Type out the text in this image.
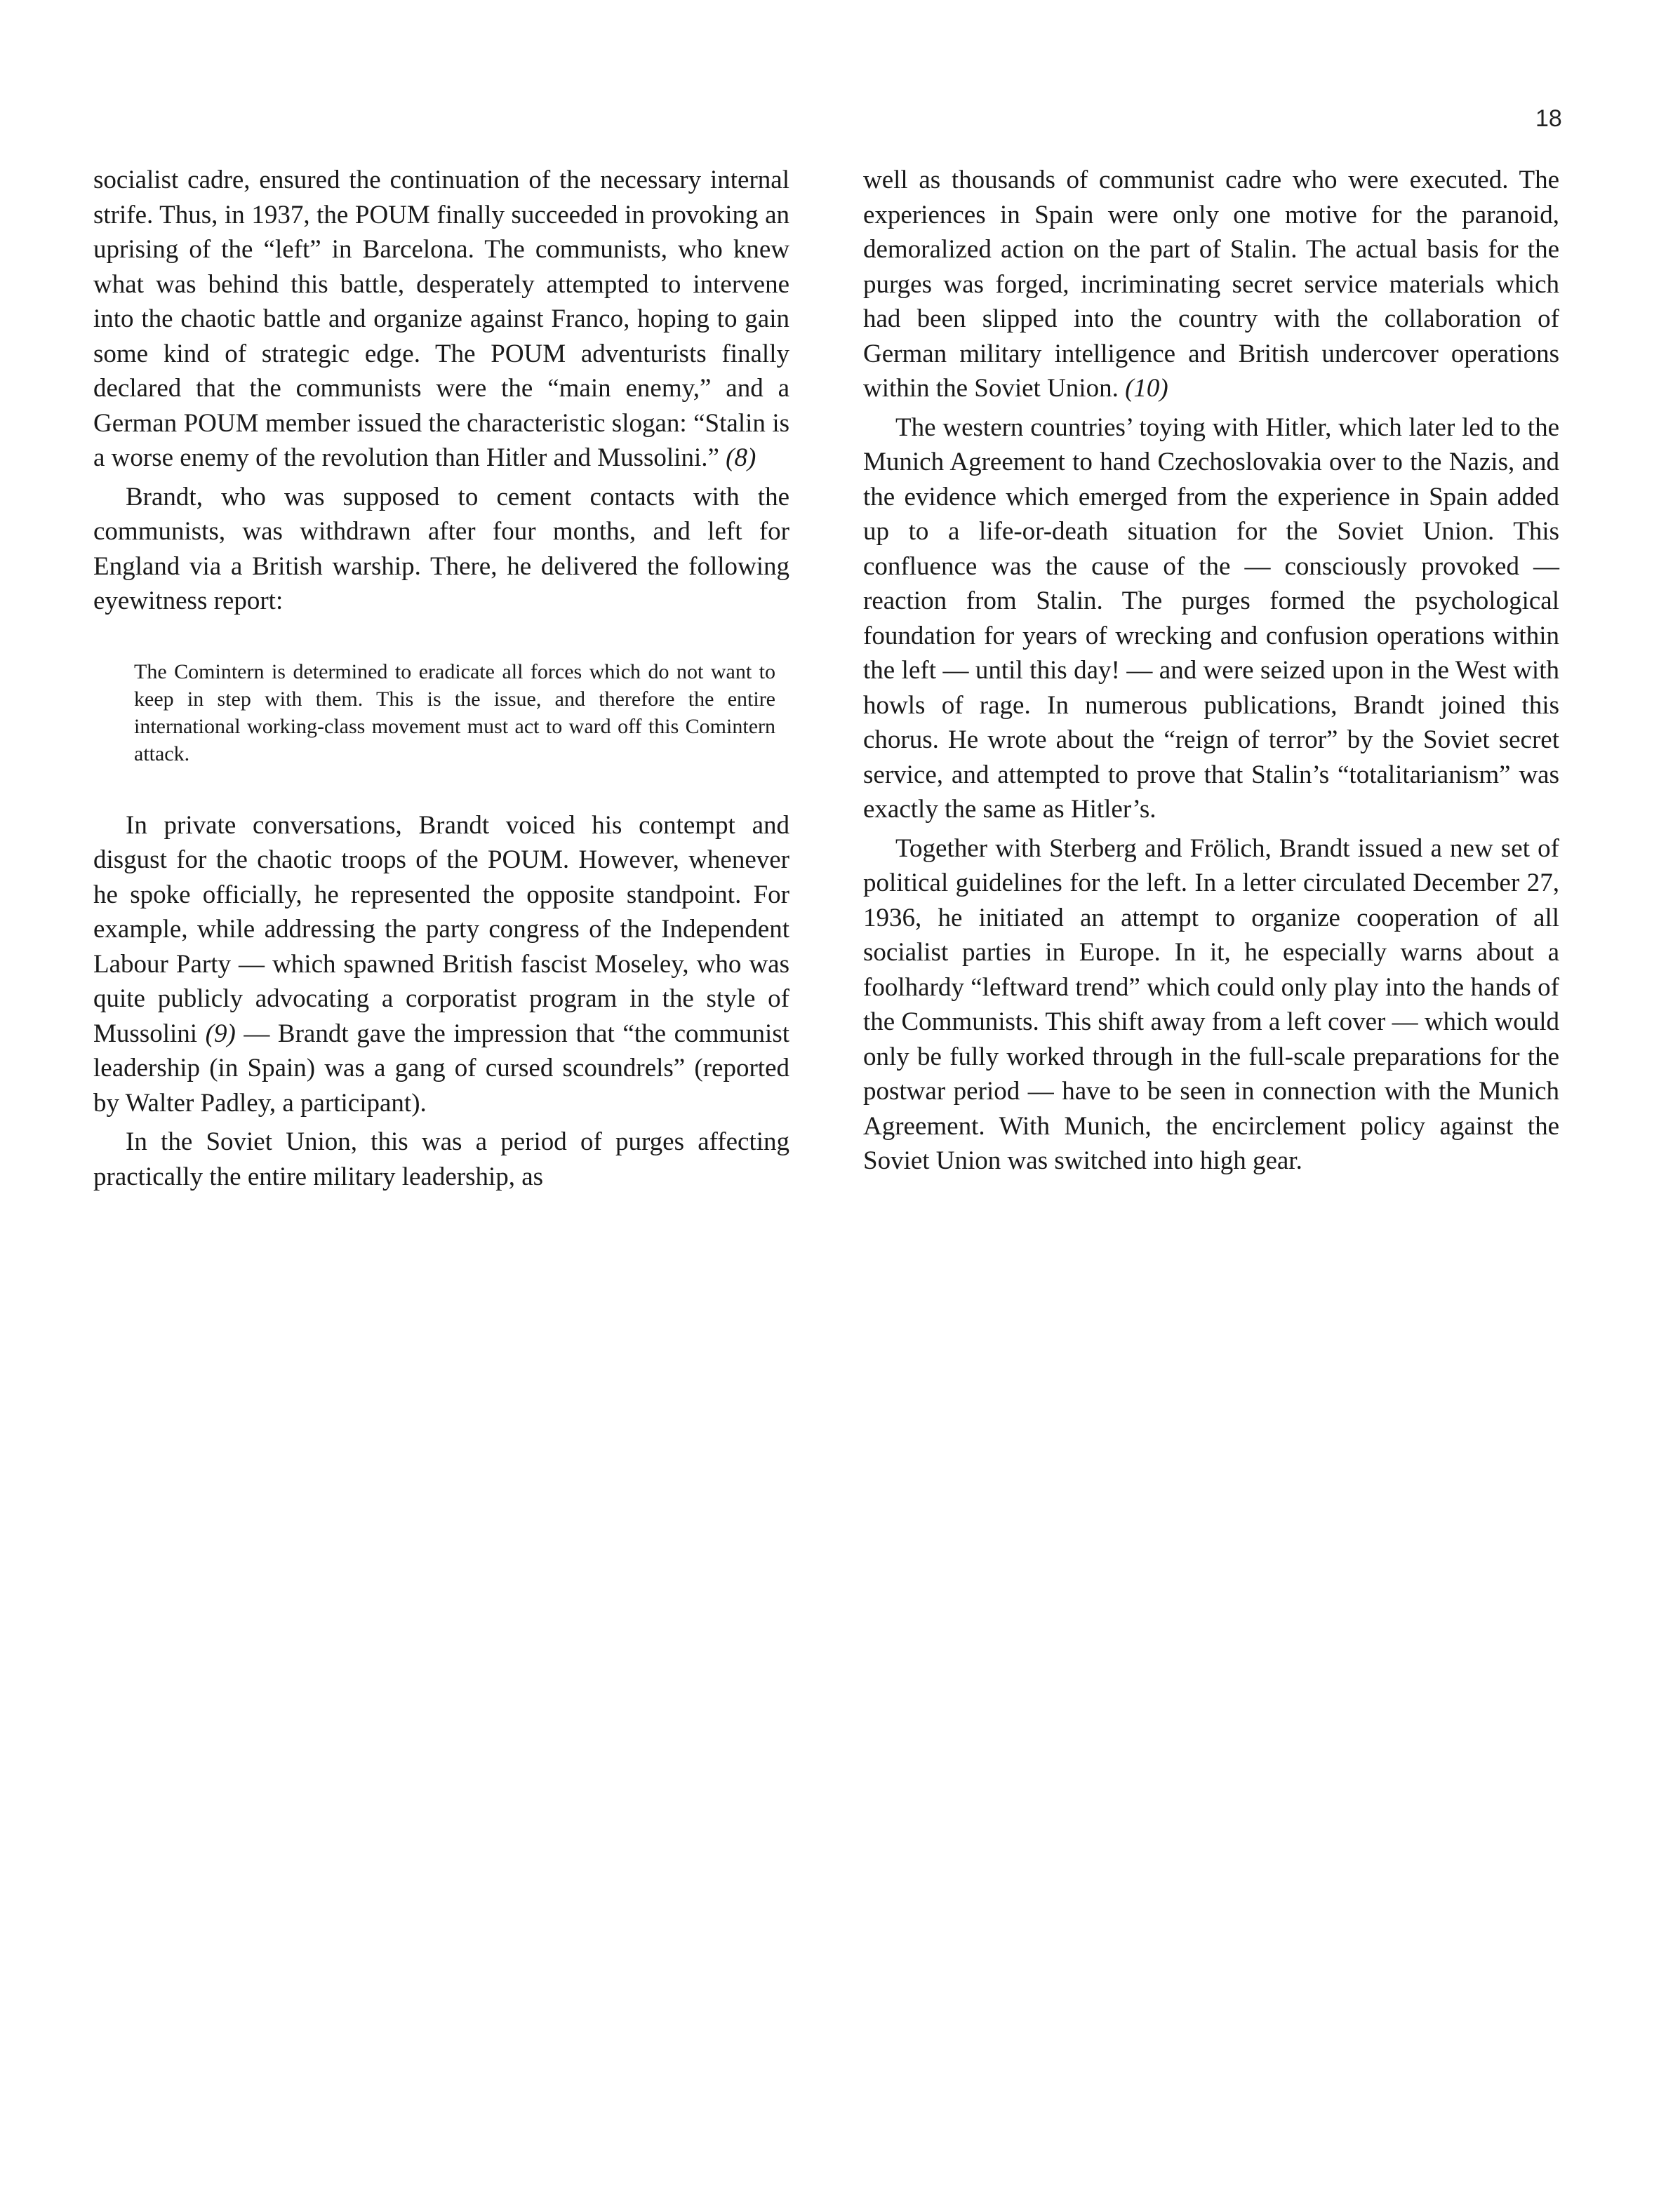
18

socialist cadre, ensured the continuation of the necessary internal strife. Thus, in 1937, the POUM finally succeeded in provoking an uprising of the “left” in Barcelona. The communists, who knew what was behind this battle, desperately attempted to intervene into the chaotic battle and organize against Franco, hoping to gain some kind of strategic edge. The POUM adventurists finally declared that the communists were the “main enemy,” and a German POUM member issued the characteristic slogan: “Stalin is a worse enemy of the revolution than Hitler and Mussolini.” (8)

Brandt, who was supposed to cement contacts with the communists, was withdrawn after four months, and left for England via a British warship. There, he delivered the following eyewitness report:

The Comintern is determined to eradicate all forces which do not want to keep in step with them. This is the issue, and therefore the entire international working-class movement must act to ward off this Comintern attack.

In private conversations, Brandt voiced his contempt and disgust for the chaotic troops of the POUM. However, whenever he spoke officially, he represented the opposite standpoint. For example, while addressing the party congress of the Independent Labour Party — which spawned British fascist Moseley, who was quite publicly advocating a corporatist program in the style of Mussolini (9) — Brandt gave the impression that “the communist leadership (in Spain) was a gang of cursed scoundrels” (reported by Walter Padley, a participant).

In the Soviet Union, this was a period of purges affecting practically the entire military leadership, as

well as thousands of communist cadre who were executed. The experiences in Spain were only one motive for the paranoid, demoralized action on the part of Stalin. The actual basis for the purges was forged, incriminating secret service materials which had been slipped into the country with the collaboration of German military intelligence and British undercover operations within the Soviet Union. (10)

The western countries’ toying with Hitler, which later led to the Munich Agreement to hand Czechoslovakia over to the Nazis, and the evidence which emerged from the experience in Spain added up to a life-or-death situation for the Soviet Union. This confluence was the cause of the — consciously provoked — reaction from Stalin. The purges formed the psychological foundation for years of wrecking and confusion operations within the left — until this day! — and were seized upon in the West with howls of rage. In numerous publications, Brandt joined this chorus. He wrote about the “reign of terror” by the Soviet secret service, and attempted to prove that Stalin’s “totalitarianism” was exactly the same as Hitler’s.

Together with Sterberg and Frölich, Brandt issued a new set of political guidelines for the left. In a letter circulated December 27, 1936, he initiated an attempt to organize cooperation of all socialist parties in Europe. In it, he especially warns about a foolhardy “leftward trend” which could only play into the hands of the Communists. This shift away from a left cover — which would only be fully worked through in the full-scale preparations for the postwar period — have to be seen in connection with the Munich Agreement. With Munich, the encirclement policy against the Soviet Union was switched into high gear.
